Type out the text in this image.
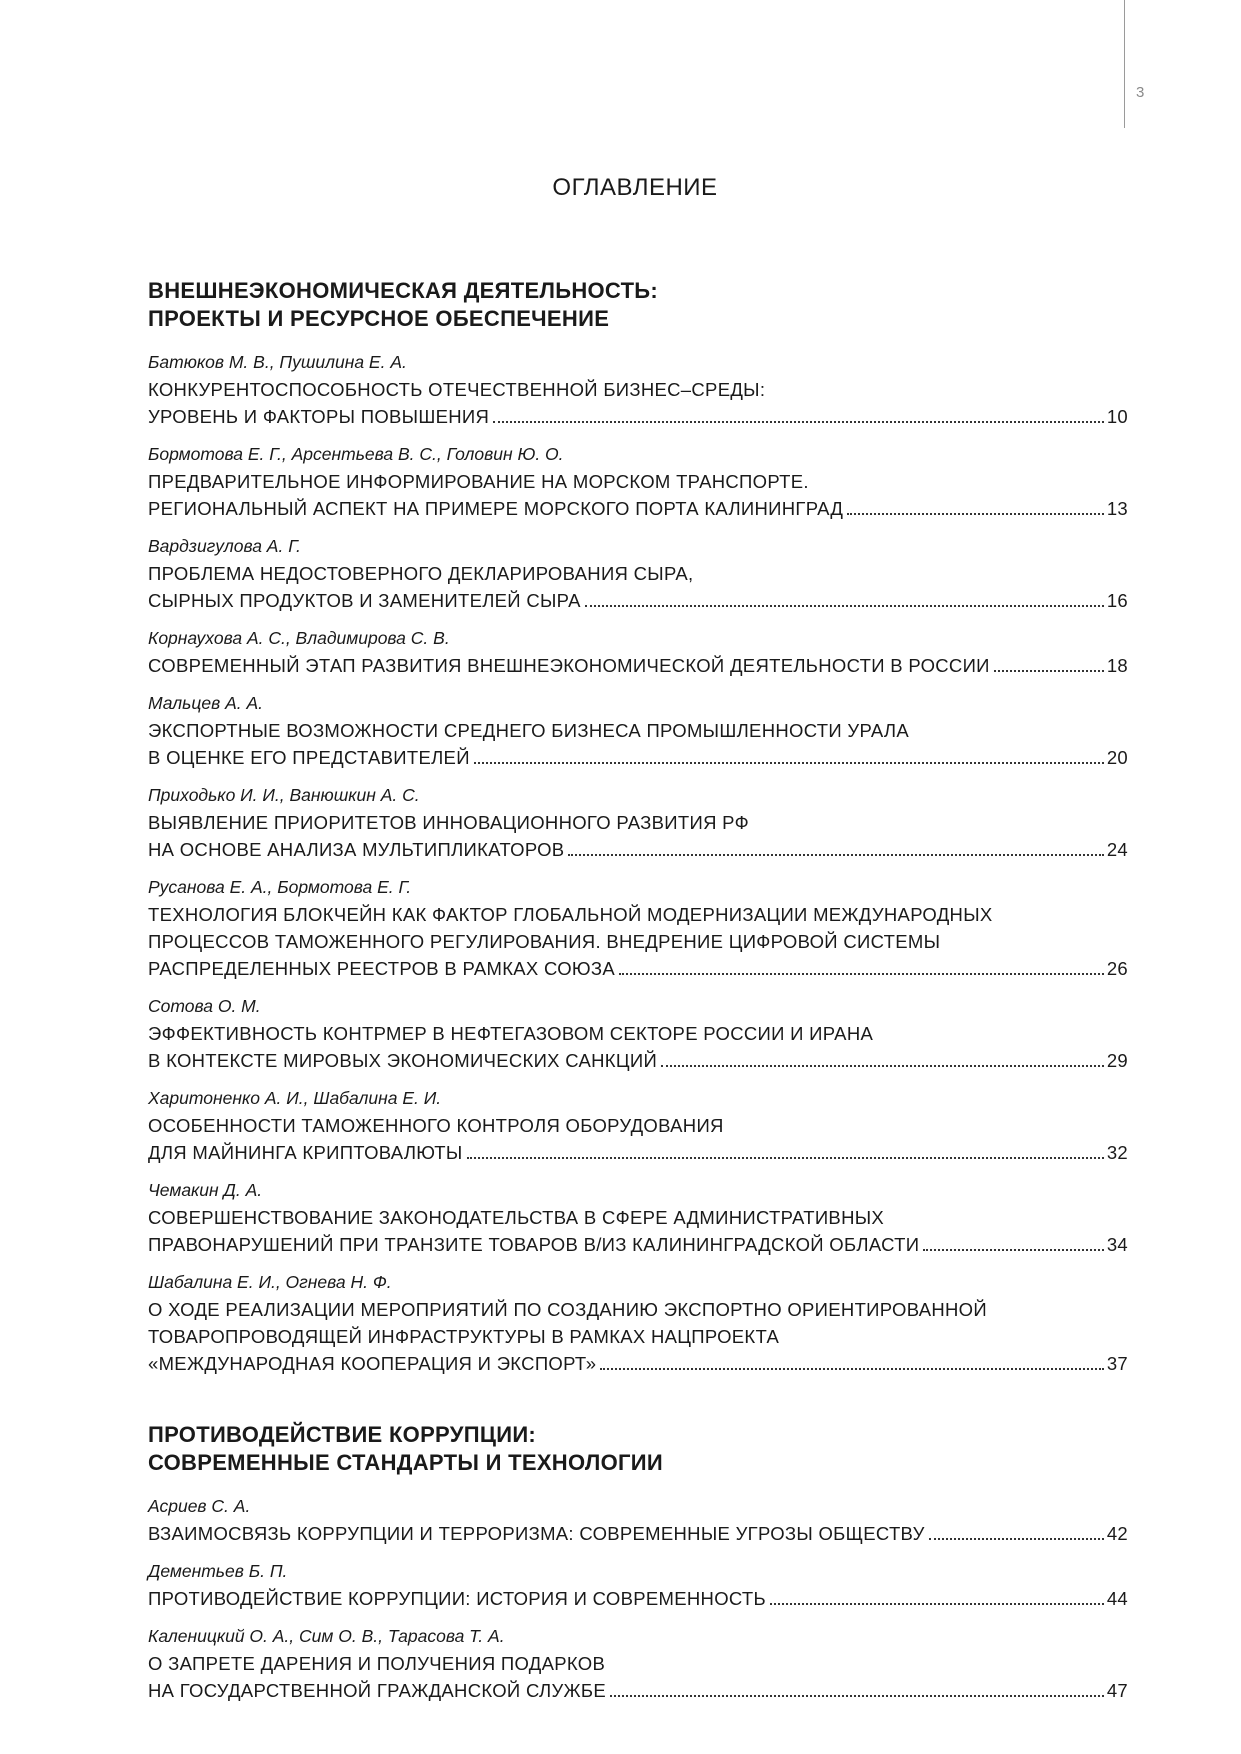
3
ОГЛАВЛЕНИЕ
ВНЕШНЕЭКОНОМИЧЕСКАЯ ДЕЯТЕЛЬНОСТЬ:
ПРОЕКТЫ И РЕСУРСНОЕ ОБЕСПЕЧЕНИЕ
Батюков М. В., Пушилина Е. А.
КОНКУРЕНТОСПОСОБНОСТЬ ОТЕЧЕСТВЕННОЙ БИЗНЕС–СРЕДЫ:
УРОВЕНЬ И ФАКТОРЫ ПОВЫШЕНИЯ	10
Бормотова Е. Г., Арсентьева В. С., Головин Ю. О.
ПРЕДВАРИТЕЛЬНОЕ ИНФОРМИРОВАНИЕ НА МОРСКОМ ТРАНСПОРТЕ.
РЕГИОНАЛЬНЫЙ АСПЕКТ НА ПРИМЕРЕ МОРСКОГО ПОРТА КАЛИНИНГРАД	13
Вардзигулова А. Г.
ПРОБЛЕМА НЕДОСТОВЕРНОГО ДЕКЛАРИРОВАНИЯ СЫРА,
СЫРНЫХ ПРОДУКТОВ И ЗАМЕНИТЕЛЕЙ СЫРА	16
Корнаухова А. С., Владимирова С. В.
СОВРЕМЕННЫЙ ЭТАП РАЗВИТИЯ ВНЕШНЕЭКОНОМИЧЕСКОЙ ДЕЯТЕЛЬНОСТИ В РОССИИ	18
Мальцев А. А.
ЭКСПОРТНЫЕ ВОЗМОЖНОСТИ СРЕДНЕГО БИЗНЕСА ПРОМЫШЛЕННОСТИ УРАЛА
В ОЦЕНКЕ ЕГО ПРЕДСТАВИТЕЛЕЙ	20
Приходько И. И., Ванюшкин А. С.
ВЫЯВЛЕНИЕ ПРИОРИТЕТОВ ИННОВАЦИОННОГО РАЗВИТИЯ РФ
НА ОСНОВЕ АНАЛИЗА МУЛЬТИПЛИКАТОРОВ	24
Русанова Е. А., Бормотова Е. Г.
ТЕХНОЛОГИЯ БЛОКЧЕЙН КАК ФАКТОР ГЛОБАЛЬНОЙ МОДЕРНИЗАЦИИ МЕЖДУНАРОДНЫХ
ПРОЦЕССОВ ТАМОЖЕННОГО РЕГУЛИРОВАНИЯ. ВНЕДРЕНИЕ ЦИФРОВОЙ СИСТЕМЫ
РАСПРЕДЕЛЕННЫХ РЕЕСТРОВ В РАМКАХ СОЮЗА	26
Сотова О. М.
ЭФФЕКТИВНОСТЬ КОНТРМЕР В НЕФТЕГАЗОВОМ СЕКТОРЕ РОССИИ И ИРАНА
В КОНТЕКСТЕ МИРОВЫХ ЭКОНОМИЧЕСКИХ САНКЦИЙ	29
Харитоненко А. И., Шабалина Е. И.
ОСОБЕННОСТИ ТАМОЖЕННОГО КОНТРОЛЯ ОБОРУДОВАНИЯ
ДЛЯ МАЙНИНГА КРИПТОВАЛЮТЫ	32
Чемакин Д. А.
СОВЕРШЕНСТВОВАНИЕ ЗАКОНОДАТЕЛЬСТВА В СФЕРЕ АДМИНИСТРАТИВНЫХ
ПРАВОНАРУШЕНИЙ ПРИ ТРАНЗИТЕ ТОВАРОВ В/ИЗ КАЛИНИНГРАДСКОЙ ОБЛАСТИ	34
Шабалина Е. И., Огнева Н. Ф.
О ХОДЕ РЕАЛИЗАЦИИ МЕРОПРИЯТИЙ ПО СОЗДАНИЮ ЭКСПОРТНО ОРИЕНТИРОВАННОЙ
ТОВАРОПРОВОДЯЩЕЙ ИНФРАСТРУКТУРЫ В РАМКАХ НАЦПРОЕКТА
«МЕЖДУНАРОДНАЯ КООПЕРАЦИЯ И ЭКСПОРТ»	37
ПРОТИВОДЕЙСТВИЕ КОРРУПЦИИ:
СОВРЕМЕННЫЕ СТАНДАРТЫ И ТЕХНОЛОГИИ
Асриев С. А.
ВЗАИМОСВЯЗЬ КОРРУПЦИИ И ТЕРРОРИЗМА: СОВРЕМЕННЫЕ УГРОЗЫ ОБЩЕСТВУ	42
Дементьев Б. П.
ПРОТИВОДЕЙСТВИЕ КОРРУПЦИИ: ИСТОРИЯ И СОВРЕМЕННОСТЬ	44
Каленицкий О. А., Сим О. В., Тарасова Т. А.
О ЗАПРЕТЕ ДАРЕНИЯ И ПОЛУЧЕНИЯ ПОДАРКОВ
НА ГОСУДАРСТВЕННОЙ ГРАЖДАНСКОЙ СЛУЖБЕ	47
